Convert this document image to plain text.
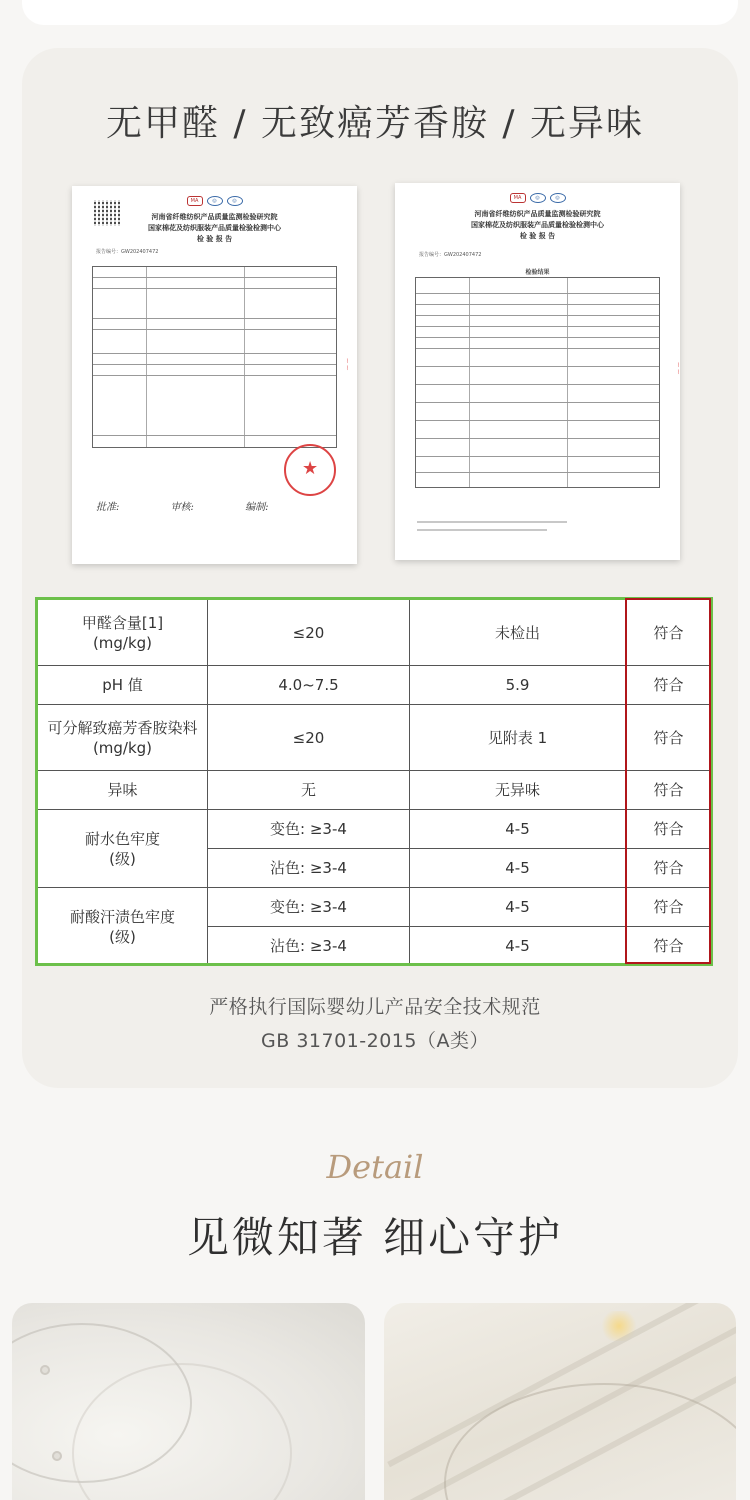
无甲醛 / 无致癌芳香胺 / 无异味
MA	◎	◎
河南省纤维纺织产品质量监测检验研究院
国家棉花及纺织服装产品质量检验检测中心
检 验 报 告
报告编号：GW202407472
★
批准:	审核:	编制:
⌇⌇
MA	◎	◎
河南省纤维纺织产品质量监测检验研究院
国家棉花及纺织服装产品质量检验检测中心
检 验 报 告
报告编号：GW202407472
检验结果
⌇⌇
甲醛含量[1]
(mg/kg)	≤20	未检出	符合
pH 值	4.0~7.5	5.9	符合
可分解致癌芳香胺染料
(mg/kg)	≤20	见附表 1	符合
异味	无	无异味	符合
耐水色牢度
(级)	变色: ≥3-4	4-5	符合
	沾色: ≥3-4	4-5	符合
耐酸汗渍色牢度
(级)	变色: ≥3-4	4-5	符合
	沾色: ≥3-4	4-5	符合
严格执行国际婴幼儿产品安全技术规范
GB 31701-2015（A类）
Detail
见微知著 细心守护
